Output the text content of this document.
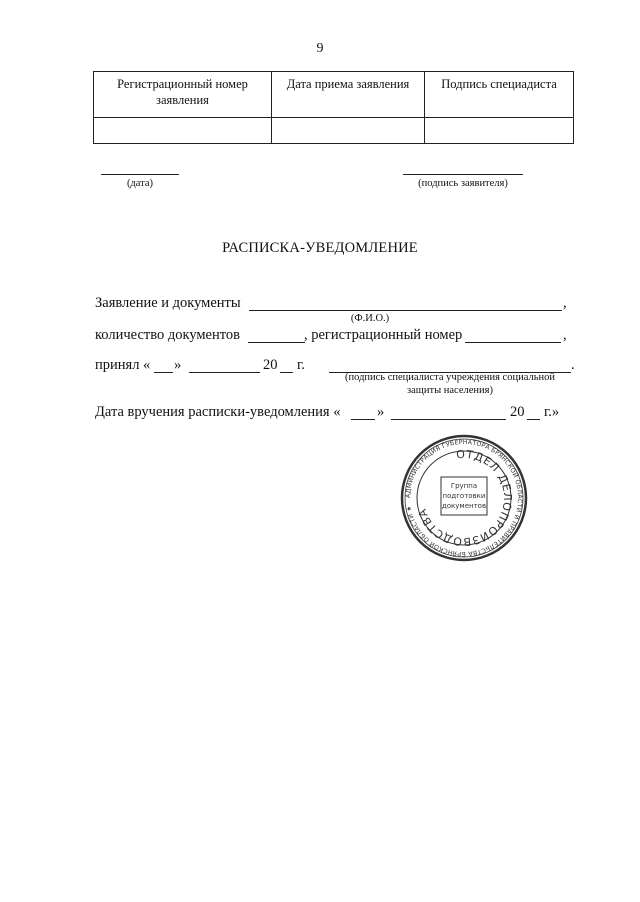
9
Регистрационный номер заявления	Дата приема заявления	Подпись специадиста

(дата)	(подпись заявителя)
РАСПИСКА-УВЕДОМЛЕНИЕ
Заявление и документы	,
(Ф.И.О.)
количество документов	, регистрационный номер	,
принял « »	20 г.	.
(подпись специалиста учреждения социальной
защиты населения)
Дата вручения расписки-уведомления «	»	20 г.»
АДМИНИСТРАЦИЯ ГУБЕРНАТОРА БРЯНСКОЙ ОБЛАСТИ И ПРАВИТЕЛЬСТВА БРЯНСКОЙ ОБЛАСТИ ★
ОТДЕЛ ДЕЛОПРОИЗВОДСТВА
Группа
подготовки
документов
